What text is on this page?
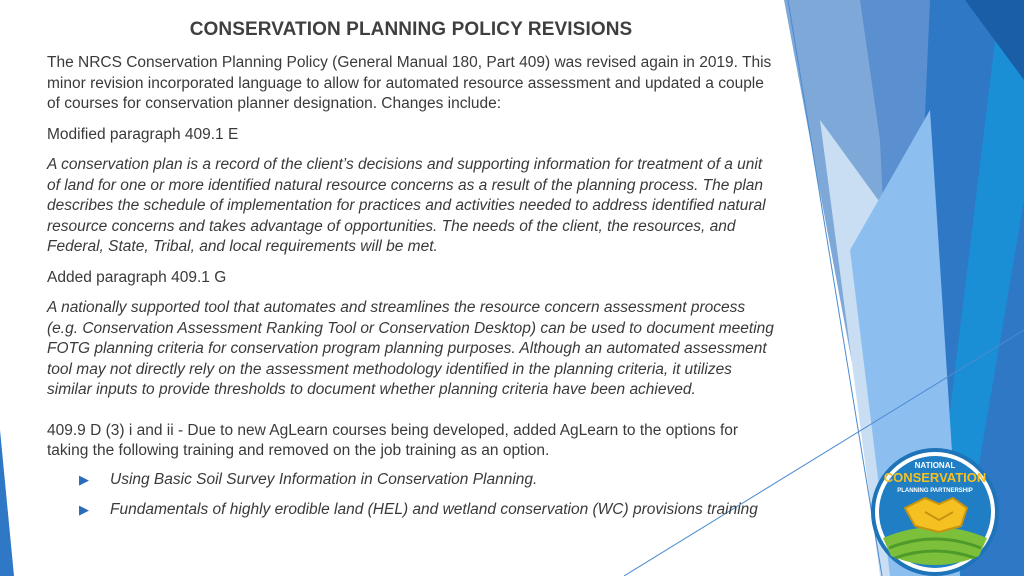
CONSERVATION PLANNING POLICY REVISIONS

The NRCS Conservation Planning Policy (General Manual 180, Part 409) was revised again in 2019. This minor revision incorporated language to allow for automated resource assessment and updated a couple of courses for conservation planner designation. Changes include:

Modified paragraph 409.1 E

A conservation plan is a record of the client’s decisions and supporting information for treatment of a unit of land for one or more identified natural resource concerns as a result of the planning process. The plan describes the schedule of implementation for practices and activities needed to address identified natural resource concerns and takes advantage of opportunities. The needs of the client, the resources, and Federal, State, Tribal, and local requirements will be met.

Added paragraph 409.1 G

A nationally supported tool that automates and streamlines the resource concern assessment process (e.g. Conservation Assessment Ranking Tool or Conservation Desktop) can be used to document meeting FOTG planning criteria for conservation program planning purposes. Although an automated assessment tool may not directly rely on the assessment methodology identified in the planning criteria, it utilizes similar inputs to provide thresholds to document whether planning criteria have been achieved.

409.9 D (3) i and ii - Due to new AgLearn courses being developed, added AgLearn to the options for taking the following training and removed on the job training as an option.

▶ Using Basic Soil Survey Information in Conservation Planning.
▶ Fundamentals of highly erodible land (HEL) and wetland conservation (WC) provisions training
NATIONAL
CONSERVATION
PLANNING PARTNERSHIP
